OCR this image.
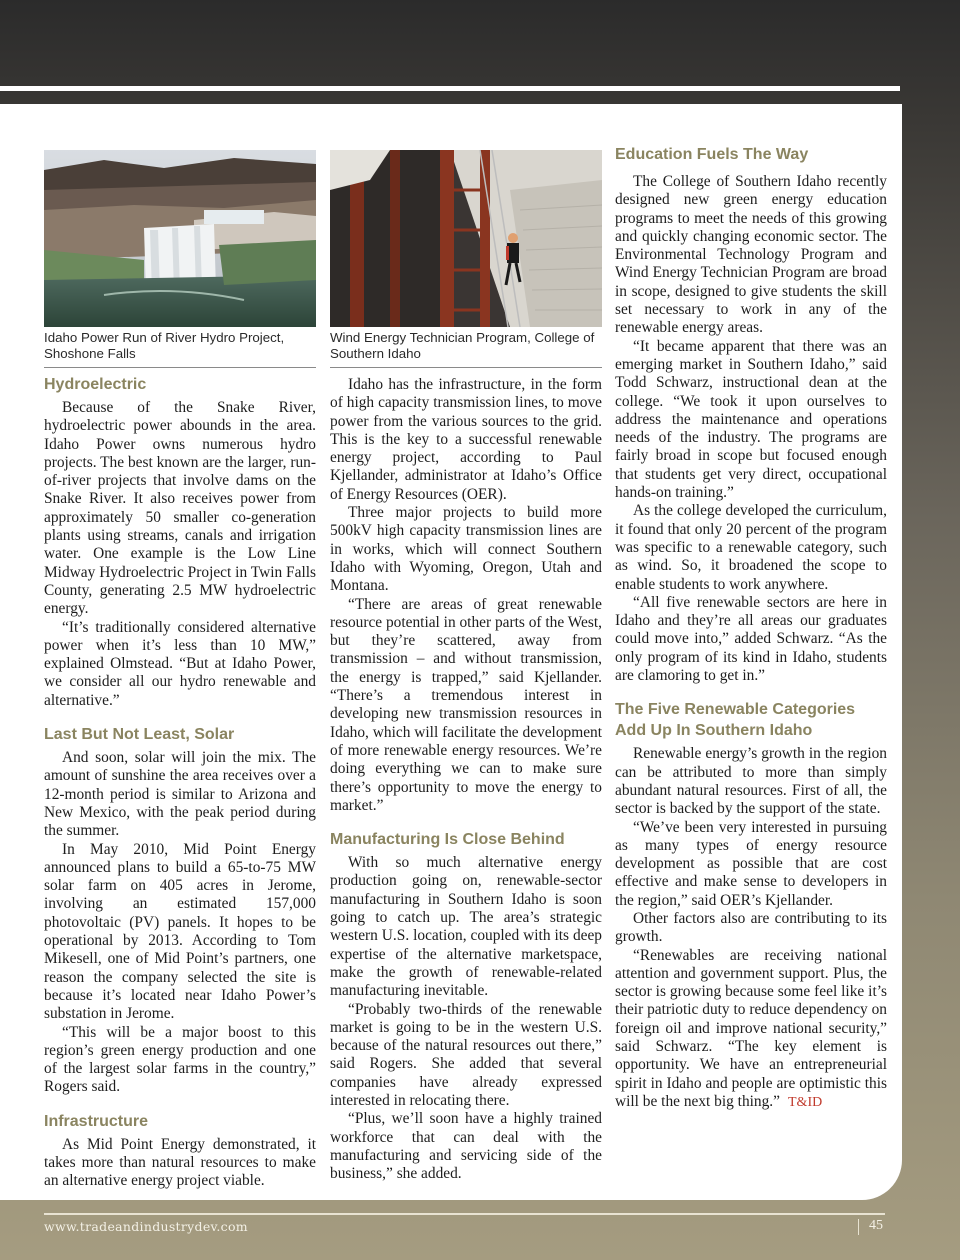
Idaho Power Run of River Hydro Project, Shoshone Falls
Hydroelectric

Because of the Snake River, hydroelectric power abounds in the area. Idaho Power owns numerous hydro projects. The best known are the larger, run-of-river projects that involve dams on the Snake River. It also receives power from approximately 50 smaller co-generation plants using streams, canals and irrigation water. One example is the Low Line Midway Hydroelectric Project in Twin Falls County, generating 2.5 MW hydroelectric energy.

“It’s traditionally considered alternative power when it’s less than 10 MW,” explained Olmstead. “But at Idaho Power, we consider all our hydro renewable and alternative.”

Last But Not Least, Solar

And soon, solar will join the mix. The amount of sunshine the area receives over a 12-month period is similar to Arizona and New Mexico, with the peak period during the summer.

In May 2010, Mid Point Energy announced plans to build a 65-to-75 MW solar farm on 405 acres in Jerome, involving an estimated 157,000 photovoltaic (PV) panels. It hopes to be operational by 2013. According to Tom Mikesell, one of Mid Point’s partners, one reason the company selected the site is because it’s located near Idaho Power’s substation in Jerome.

“This will be a major boost to this region’s green energy production and one of the largest solar farms in the country,” Rogers said.

Infrastructure

As Mid Point Energy demonstrated, it takes more than natural resources to make an alternative energy project viable.

Wind Energy Technician Program, College of Southern Idaho

Idaho has the infrastructure, in the form of high capacity transmission lines, to move power from the various sources to the grid. This is the key to a successful renewable energy project, according to Paul Kjellander, administrator at Idaho’s Office of Energy Resources (OER).

Three major projects to build more 500kV high capacity transmission lines are in works, which will connect Southern Idaho with Wyoming, Oregon, Utah and Montana.

“There are areas of great renewable resource potential in other parts of the West, but they’re scattered, away from transmission – and without transmission, the energy is trapped,” said Kjellander. “There’s a tremendous interest in developing new transmission resources in Idaho, which will facilitate the development of more renewable energy resources. We’re doing everything we can to make sure there’s opportunity to move the energy to market.”

Manufacturing Is Close Behind

With so much alternative energy production going on, renewable-sector manufacturing in Southern Idaho is soon going to catch up. The area’s strategic western U.S. location, coupled with its deep expertise of the alternative marketspace, make the growth of renewable-related manufacturing inevitable.

“Probably two-thirds of the renewable market is going to be in the western U.S. because of the natural resources out there,” said Rogers. She added that several companies have already expressed interested in relocating there.

“Plus, we’ll soon have a highly trained workforce that can deal with the manufacturing and servicing side of the business,” she added.

Education Fuels The Way

The College of Southern Idaho recently designed new green energy education programs to meet the needs of this growing and quickly changing economic sector. The Environmental Technology Program and Wind Energy Technician Program are broad in scope, designed to give students the skill set necessary to work in any of the renewable energy areas.

“It became apparent that there was an emerging market in Southern Idaho,” said Todd Schwarz, instructional dean at the college. “We took it upon ourselves to address the maintenance and operations needs of the industry. The programs are fairly broad in scope but focused enough that students get very direct, occupational hands-on training.”

As the college developed the curriculum, it found that only 20 percent of the program was specific to a renewable category, such as wind. So, it broadened the scope to enable students to work anywhere.

“All five renewable sectors are here in Idaho and they’re all areas our graduates could move into,” added Schwarz. “As the only program of its kind in Idaho, students are clamoring to get in.”

The Five Renewable Categories Add Up In Southern Idaho

Renewable energy’s growth in the region can be attributed to more than simply abundant natural resources. First of all, the sector is backed by the support of the state.

“We’ve been very interested in pursuing as many types of energy resource development as possible that are cost effective and make sense to developers in the region,” said OER’s Kjellander.

Other factors also are contributing to its growth.

“Renewables are receiving national attention and government support. Plus, the sector is growing because some feel like it’s their patriotic duty to reduce dependency on foreign oil and improve national security,” said Schwarz. “The key element is opportunity. We have an entrepreneurial spirit in Idaho and people are optimistic this will be the next big thing.” T&ID

www.tradeandindustrydev.com	45
